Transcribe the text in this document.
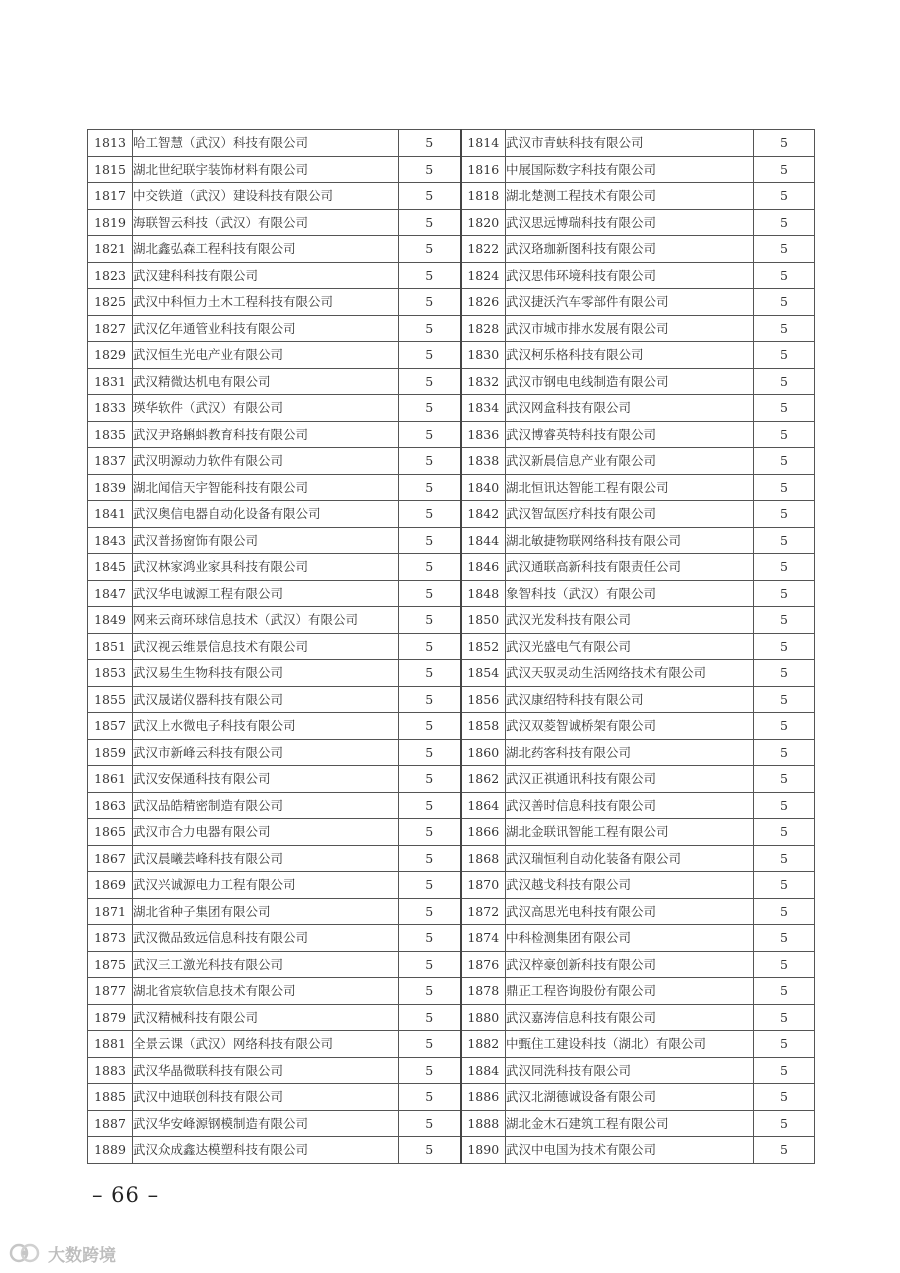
1813	哈工智慧（武汉）科技有限公司	5	1814	武汉市青蚨科技有限公司	5
1815	湖北世纪联宇装饰材料有限公司	5	1816	中展国际数字科技有限公司	5
1817	中交铁道（武汉）建设科技有限公司	5	1818	湖北楚测工程技术有限公司	5
1819	海联智云科技（武汉）有限公司	5	1820	武汉思远博瑞科技有限公司	5
1821	湖北鑫弘森工程科技有限公司	5	1822	武汉珞珈新图科技有限公司	5
1823	武汉建科科技有限公司	5	1824	武汉思伟环境科技有限公司	5
1825	武汉中科恒力土木工程科技有限公司	5	1826	武汉捷沃汽车零部件有限公司	5
1827	武汉亿年通管业科技有限公司	5	1828	武汉市城市排水发展有限公司	5
1829	武汉恒生光电产业有限公司	5	1830	武汉柯乐格科技有限公司	5
1831	武汉精微达机电有限公司	5	1832	武汉市钢电电线制造有限公司	5
1833	瑛华软件（武汉）有限公司	5	1834	武汉网盒科技有限公司	5
1835	武汉尹珞蝌蚪教育科技有限公司	5	1836	武汉博睿英特科技有限公司	5
1837	武汉明源动力软件有限公司	5	1838	武汉新晨信息产业有限公司	5
1839	湖北闻信天宇智能科技有限公司	5	1840	湖北恒讯达智能工程有限公司	5
1841	武汉奥信电器自动化设备有限公司	5	1842	武汉智氙医疗科技有限公司	5
1843	武汉普扬窗饰有限公司	5	1844	湖北敏捷物联网络科技有限公司	5
1845	武汉林家鸿业家具科技有限公司	5	1846	武汉通联高新科技有限责任公司	5
1847	武汉华电诚源工程有限公司	5	1848	象智科技（武汉）有限公司	5
1849	网来云商环球信息技术（武汉）有限公司	5	1850	武汉光发科技有限公司	5
1851	武汉视云维景信息技术有限公司	5	1852	武汉光盛电气有限公司	5
1853	武汉易生生物科技有限公司	5	1854	武汉天驭灵动生活网络技术有限公司	5
1855	武汉晟诺仪器科技有限公司	5	1856	武汉康绍特科技有限公司	5
1857	武汉上水微电子科技有限公司	5	1858	武汉双菱智诚桥架有限公司	5
1859	武汉市新峰云科技有限公司	5	1860	湖北药客科技有限公司	5
1861	武汉安保通科技有限公司	5	1862	武汉正祺通讯科技有限公司	5
1863	武汉品皓精密制造有限公司	5	1864	武汉善时信息科技有限公司	5
1865	武汉市合力电器有限公司	5	1866	湖北金联讯智能工程有限公司	5
1867	武汉晨曦芸峰科技有限公司	5	1868	武汉瑞恒利自动化装备有限公司	5
1869	武汉兴诚源电力工程有限公司	5	1870	武汉越戈科技有限公司	5
1871	湖北省种子集团有限公司	5	1872	武汉高思光电科技有限公司	5
1873	武汉微品致远信息科技有限公司	5	1874	中科检测集团有限公司	5
1875	武汉三工激光科技有限公司	5	1876	武汉梓豪创新科技有限公司	5
1877	湖北省宸软信息技术有限公司	5	1878	鼎正工程咨询股份有限公司	5
1879	武汉精械科技有限公司	5	1880	武汉嘉涛信息科技有限公司	5
1881	全景云课（武汉）网络科技有限公司	5	1882	中甄住工建设科技（湖北）有限公司	5
1883	武汉华晶微联科技有限公司	5	1884	武汉同洗科技有限公司	5
1885	武汉中迪联创科技有限公司	5	1886	武汉北湖德诚设备有限公司	5
1887	武汉华安峰源钢模制造有限公司	5	1888	湖北金木石建筑工程有限公司	5
1889	武汉众成鑫达模塑科技有限公司	5	1890	武汉中电国为技术有限公司	5
– 66 –
大数跨境
